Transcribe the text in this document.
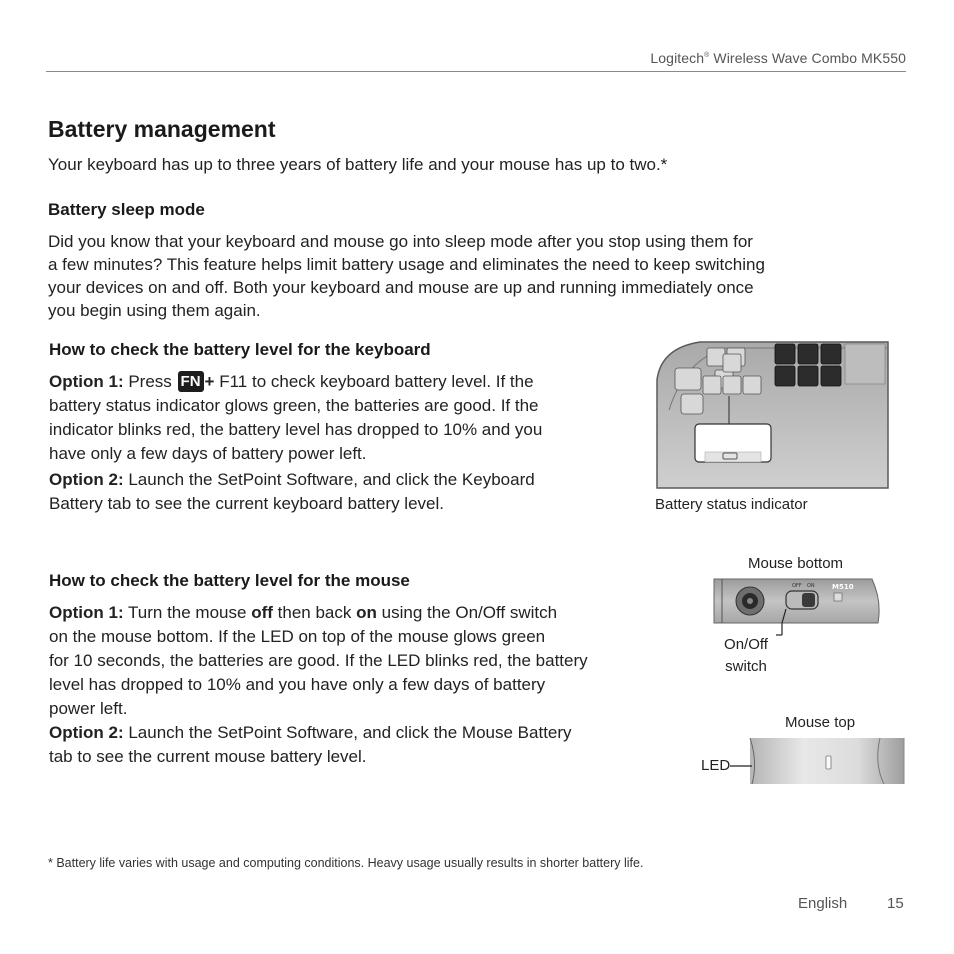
Logitech® Wireless Wave Combo MK550
Battery management
Your keyboard has up to three years of battery life and your mouse has up to two.*
Battery sleep mode
Did you know that your keyboard and mouse go into sleep mode after you stop using them for
a few minutes? This feature helps limit battery usage and eliminates the need to keep switching
your devices on and off. Both your keyboard and mouse are up and running immediately once
you begin using them again.
How to check the battery level for the keyboard
Option 1: Press FN + F11 to check keyboard battery level. If the
battery status indicator glows green, the batteries are good. If the
indicator blinks red, the battery level has dropped to 10% and you
have only a few days of battery power left.
Option 2: Launch the SetPoint Software, and click the Keyboard
Battery tab to see the current keyboard battery level.	Battery status indicator
How to check the battery level for the mouse
Option 1: Turn the mouse off then back on using the On/Off switch
on the mouse bottom. If the LED on top of the mouse glows green
for 10 seconds, the batteries are good. If the LED blinks red, the battery
level has dropped to 10% and you have only a few days of battery
power left.
Option 2: Launch the SetPoint Software, and click the Mouse Battery
tab to see the current mouse battery level.
Mouse bottom
OFF ON M510
On/Off
switch
Mouse top
LED
* Battery life varies with usage and computing conditions. Heavy usage usually results in shorter battery life.
English	15
